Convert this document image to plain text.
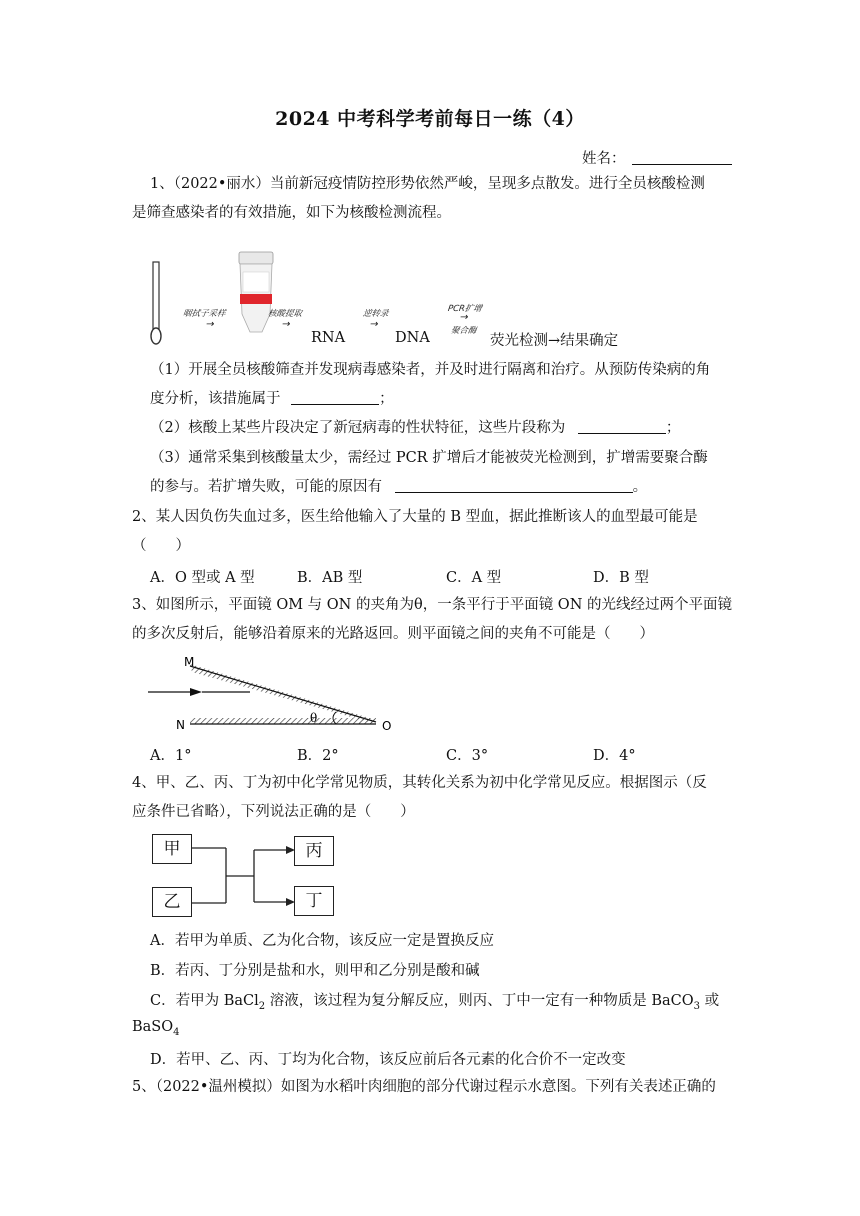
2024 中考科学考前每日一练（4）
姓名：
1、（2022•丽水）当前新冠疫情防控形势依然严峻，呈现多点散发。进行全员核酸检测
是筛查感染者的有效措施，如下为核酸检测流程。
咽拭子采样
→
核酸提取
→
RNA
逆转录
→
DNA
PCR扩增
→
聚合酶
荧光检测→结果确定
（1）开展全员核酸筛查并发现病毒感染者，并及时进行隔离和治疗。从预防传染病的角
度分析，该措施属于	；
（2）核酸上某些片段决定了新冠病毒的性状特征，这些片段称为	；
（3）通常采集到核酸量太少，需经过 PCR 扩增后才能被荧光检测到，扩增需要聚合酶
的参与。若扩增失败，可能的原因有	。
2、某人因负伤失血过多，医生给他输入了大量的 B 型血，据此推断该人的血型最可能是
（　　）
A．O 型或 A 型	B．AB 型	C．A 型	D．B 型
3、如图所示，平面镜 OM 与 ON 的夹角为θ，一条平行于平面镜 ON 的光线经过两个平面镜
的多次反射后，能够沿着原来的光路返回。则平面镜之间的夹角不可能是（　　）
M
N	O
θ
A．1°	B．2°	C．3°	D．4°
4、甲、乙、丙、丁为初中化学常见物质，其转化关系为初中化学常见反应。根据图示（反
应条件已省略），下列说法正确的是（　　）
甲
乙
丙
丁
A．若甲为单质、乙为化合物，该反应一定是置换反应
B．若丙、丁分别是盐和水，则甲和乙分别是酸和碱
C．若甲为 BaCl$_2$ 溶液，该过程为复分解反应，则丙、丁中一定有一种物质是 BaCO$_3$ 或
BaSO$_4$
D．若甲、乙、丙、丁均为化合物，该反应前后各元素的化合价不一定改变
5、（2022•温州模拟）如图为水稻叶肉细胞的部分代谢过程示水意图。下列有关表述正确的
